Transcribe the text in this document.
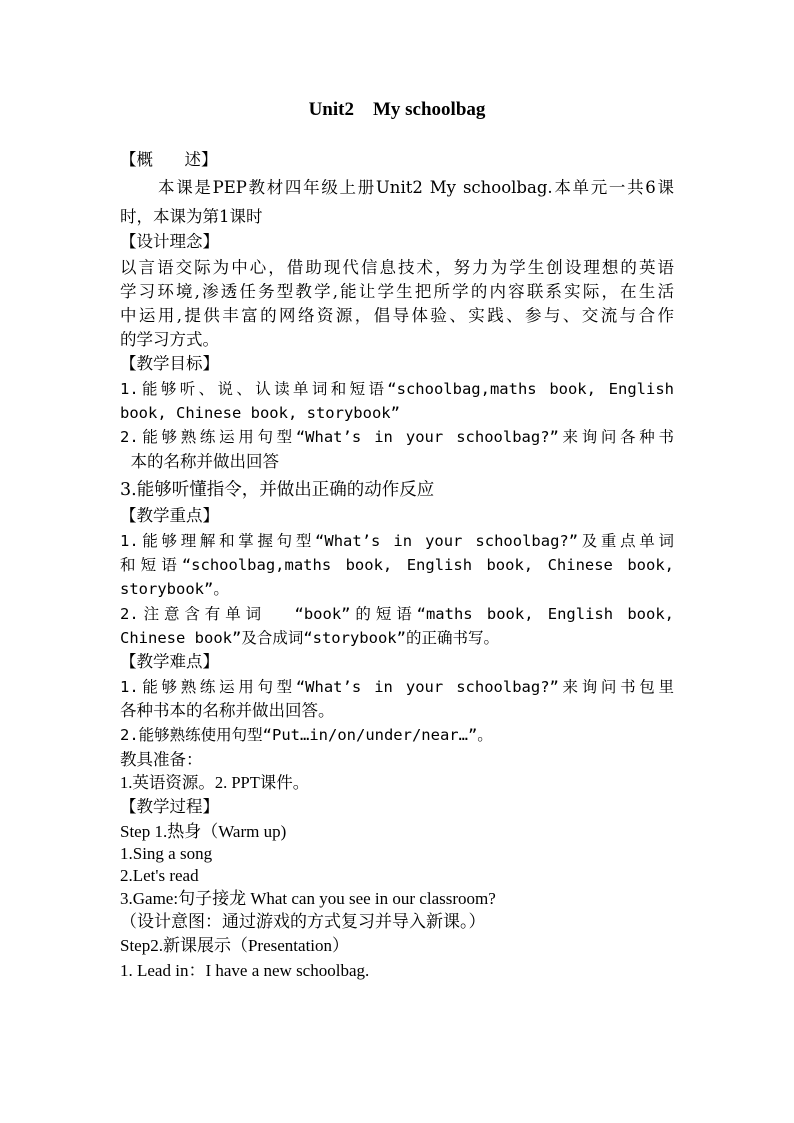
Unit2    My schoolbag
【概      述】
本课是PEP教材四年级上册Unit2 My schoolbag.本单元一共6课
时，本课为第1课时
【设计理念】
以言语交际为中心，借助现代信息技术，努力为学生创设理想的英语
学习环境,渗透任务型教学,能让学生把所学的内容联系实际，在生活
中运用,提供丰富的网络资源，倡导体验、实践、参与、交流与合作
的学习方式。
【教学目标】
1.能够听、说、认读单词和短语“schoolbag,maths book, English
book, Chinese book, storybook”
2.能够熟练运用句型“What’s in your schoolbag?”来询问各种书
本的名称并做出回答
3.能够听懂指令，并做出正确的动作反应
【教学重点】
1.能够理解和掌握句型“What’s in your schoolbag?”及重点单词
和短语“schoolbag,maths book, English book, Chinese book,
storybook”。
2.注意含有单词  “book”的短语“maths book, English book,
Chinese book”及合成词“storybook”的正确书写。
【教学难点】
1.能够熟练运用句型“What’s in your schoolbag?”来询问书包里
各种书本的名称并做出回答。
2.能够熟练使用句型“Put…in/on/under/near…”。
教具准备：
1.英语资源。2. PPT课件。
【教学过程】
Step 1.热身（Warm up)
1.Sing a song
2.Let's read
3.Game:句子接龙 What can you see in our classroom?
（设计意图：通过游戏的方式复习并导入新课。）
Step2.新课展示（Presentation）
1. Lead in：I have a new schoolbag.
